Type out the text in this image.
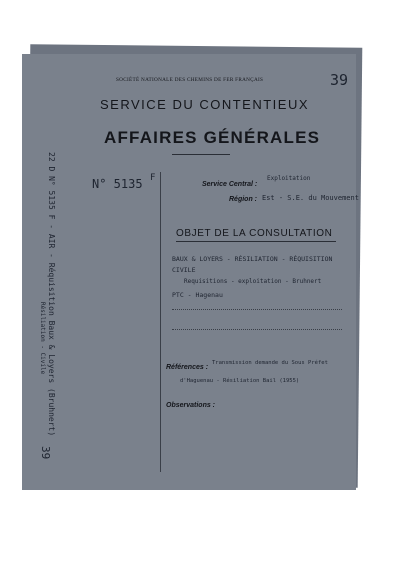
SOCIÉTÉ NATIONALE DES CHEMINS DE FER FRANÇAIS	39
SERVICE DU CONTENTIEUX
AFFAIRES GÉNÉRALES
N° 5135 F
Service Central :
Exploitation
Région : Est - S.E. du Mouvement
OBJET DE LA CONSULTATION
BAUX & LOYERS - RÉSILIATION - RÉQUISITION
CIVILE
Requisitions - exploitation - Bruhnert
PTC - Hagenau
Références :
Transmission demande du Sous Préfet
d'Haguenau - Résiliation Bail (1955)
Observations :
22 D N° 5135 F - AIR - Réquisition Baux & Loyers (Bruhnert)
Résiliation - Civile
39
